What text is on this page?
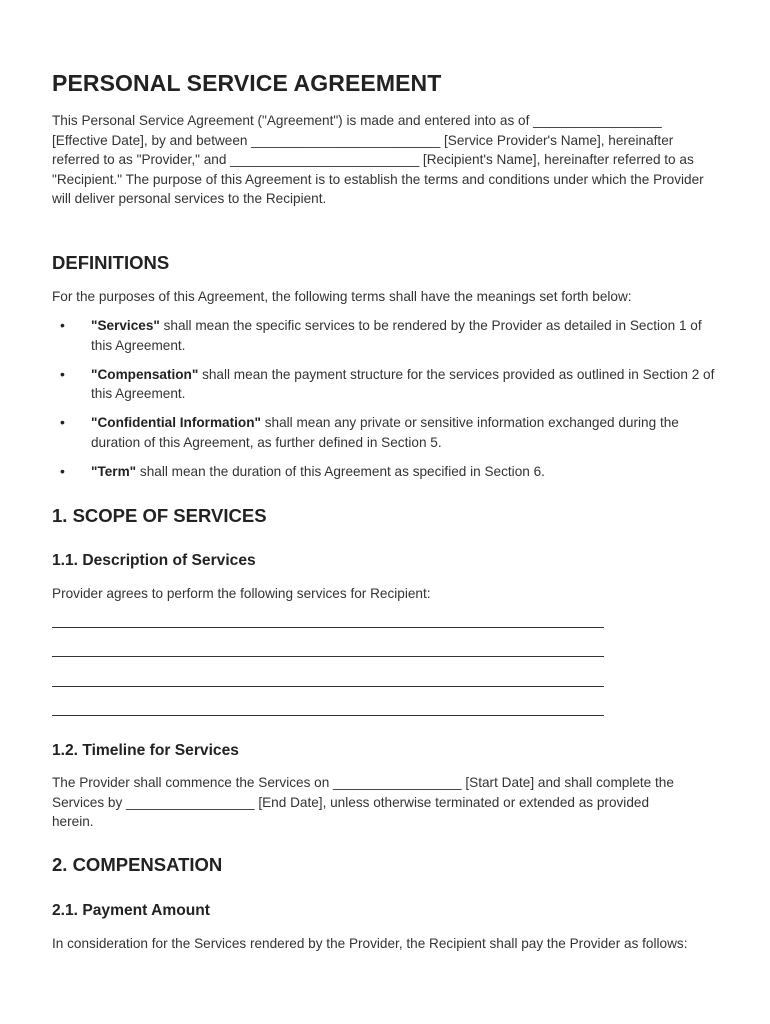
PERSONAL SERVICE AGREEMENT

This Personal Service Agreement ("Agreement") is made and entered into as of _________________ [Effective Date], by and between _________________________ [Service Provider's Name], hereinafter referred to as "Provider," and _________________________ [Recipient's Name], hereinafter referred to as "Recipient." The purpose of this Agreement is to establish the terms and conditions under which the Provider will deliver personal services to the Recipient.

DEFINITIONS

For the purposes of this Agreement, the following terms shall have the meanings set forth below:

• "Services" shall mean the specific services to be rendered by the Provider as detailed in Section 1 of this Agreement.
• "Compensation" shall mean the payment structure for the services provided as outlined in Section 2 of this Agreement.
• "Confidential Information" shall mean any private or sensitive information exchanged during the duration of this Agreement, as further defined in Section 5.
• "Term" shall mean the duration of this Agreement as specified in Section 6.
1. SCOPE OF SERVICES
1.1. Description of Services

Provider agrees to perform the following services for Recipient:

1.2. Timeline for Services

The Provider shall commence the Services on _________________ [Start Date] and shall complete the Services by _________________ [End Date], unless otherwise terminated or extended as provided herein.

2. COMPENSATION
2.1. Payment Amount

In consideration for the Services rendered by the Provider, the Recipient shall pay the Provider as follows:
